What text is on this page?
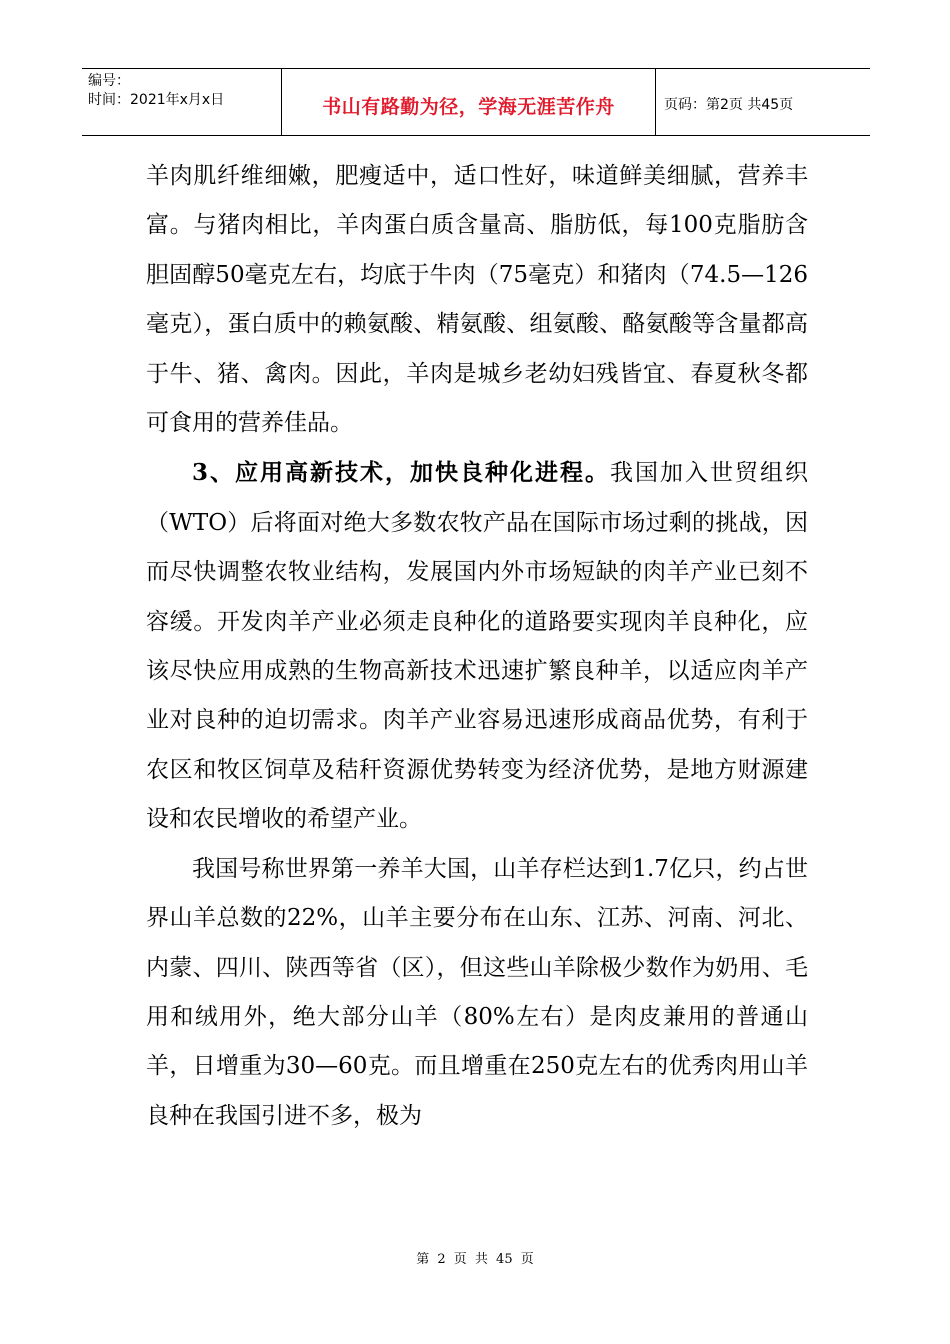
编号：
时间：2021年x月x日	书山有路勤为径，学海无涯苦作舟	页码：第2页 共45页

羊肉肌纤维细嫩，肥瘦适中，适口性好，味道鲜美细腻，营养丰富。与猪肉相比，羊肉蛋白质含量高、脂肪低，每100克脂肪含胆固醇50毫克左右，均底于牛肉（75毫克）和猪肉（74.5—126毫克），蛋白质中的赖氨酸、精氨酸、组氨酸、酪氨酸等含量都高于牛、猪、禽肉。因此，羊肉是城乡老幼妇残皆宜、春夏秋冬都可食用的营养佳品。

3、应用高新技术，加快良种化进程。我国加入世贸组织（WTO）后将面对绝大多数农牧产品在国际市场过剩的挑战，因而尽快调整农牧业结构，发展国内外市场短缺的肉羊产业已刻不容缓。开发肉羊产业必须走良种化的道路要实现肉羊良种化，应该尽快应用成熟的生物高新技术迅速扩繁良种羊，以适应肉羊产业对良种的迫切需求。肉羊产业容易迅速形成商品优势，有利于农区和牧区饲草及秸秆资源优势转变为经济优势，是地方财源建设和农民增收的希望产业。

我国号称世界第一养羊大国，山羊存栏达到1.7亿只，约占世界山羊总数的22%，山羊主要分布在山东、江苏、河南、河北、内蒙、四川、陕西等省（区），但这些山羊除极少数作为奶用、毛用和绒用外，绝大部分山羊（80%左右）是肉皮兼用的普通山羊，日增重为30—60克。而且增重在250克左右的优秀肉用山羊良种在我国引进不多，极为

第 2 页 共 45 页
